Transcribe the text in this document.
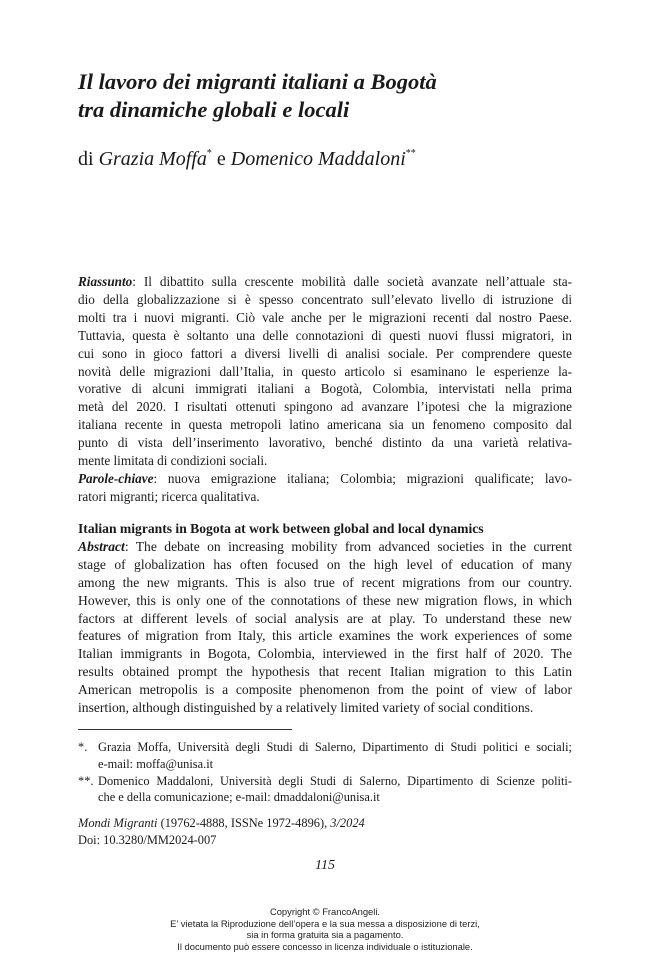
Il lavoro dei migranti italiani a Bogotà
tra dinamiche globali e locali
di Grazia Moffa* e Domenico Maddaloni**
Riassunto: Il dibattito sulla crescente mobilità dalle società avanzate nell’attuale sta-
dio della globalizzazione si è spesso concentrato sull’elevato livello di istruzione di
molti tra i nuovi migranti. Ciò vale anche per le migrazioni recenti dal nostro Paese.
Tuttavia, questa è soltanto una delle connotazioni di questi nuovi flussi migratori, in
cui sono in gioco fattori a diversi livelli di analisi sociale. Per comprendere queste
novità delle migrazioni dall’Italia, in questo articolo si esaminano le esperienze la-
vorative di alcuni immigrati italiani a Bogotà, Colombia, intervistati nella prima
metà del 2020. I risultati ottenuti spingono ad avanzare l’ipotesi che la migrazione
italiana recente in questa metropoli latino americana sia un fenomeno composito dal
punto di vista dell’inserimento lavorativo, benché distinto da una varietà relativa-
mente limitata di condizioni sociali.
Parole-chiave: nuova emigrazione italiana; Colombia; migrazioni qualificate; lavo-
ratori migranti; ricerca qualitativa.
Italian migrants in Bogota at work between global and local dynamics
Abstract: The debate on increasing mobility from advanced societies in the current
stage of globalization has often focused on the high level of education of many
among the new migrants. This is also true of recent migrations from our country.
However, this is only one of the connotations of these new migration flows, in which
factors at different levels of social analysis are at play. To understand these new
features of migration from Italy, this article examines the work experiences of some
Italian immigrants in Bogota, Colombia, interviewed in the first half of 2020. The
results obtained prompt the hypothesis that recent Italian migration to this Latin
American metropolis is a composite phenomenon from the point of view of labor
insertion, although distinguished by a relatively limited variety of social conditions.
*. Grazia Moffa, Università degli Studi di Salerno, Dipartimento di Studi politici e sociali;
e-mail: moffa@unisa.it
**. Domenico Maddaloni, Università degli Studi di Salerno, Dipartimento di Scienze politi-
che e della comunicazione; e-mail: dmaddaloni@unisa.it
Mondi Migranti (19762-4888, ISSNe 1972-4896), 3/2024
Doi: 10.3280/MM2024-007
115
Copyright © FrancoAngeli.
E’ vietata la Riproduzione dell’opera e la sua messa a disposizione di terzi,
sia in forma gratuita sia a pagamento.
Il documento può essere concesso in licenza individuale o istituzionale.
